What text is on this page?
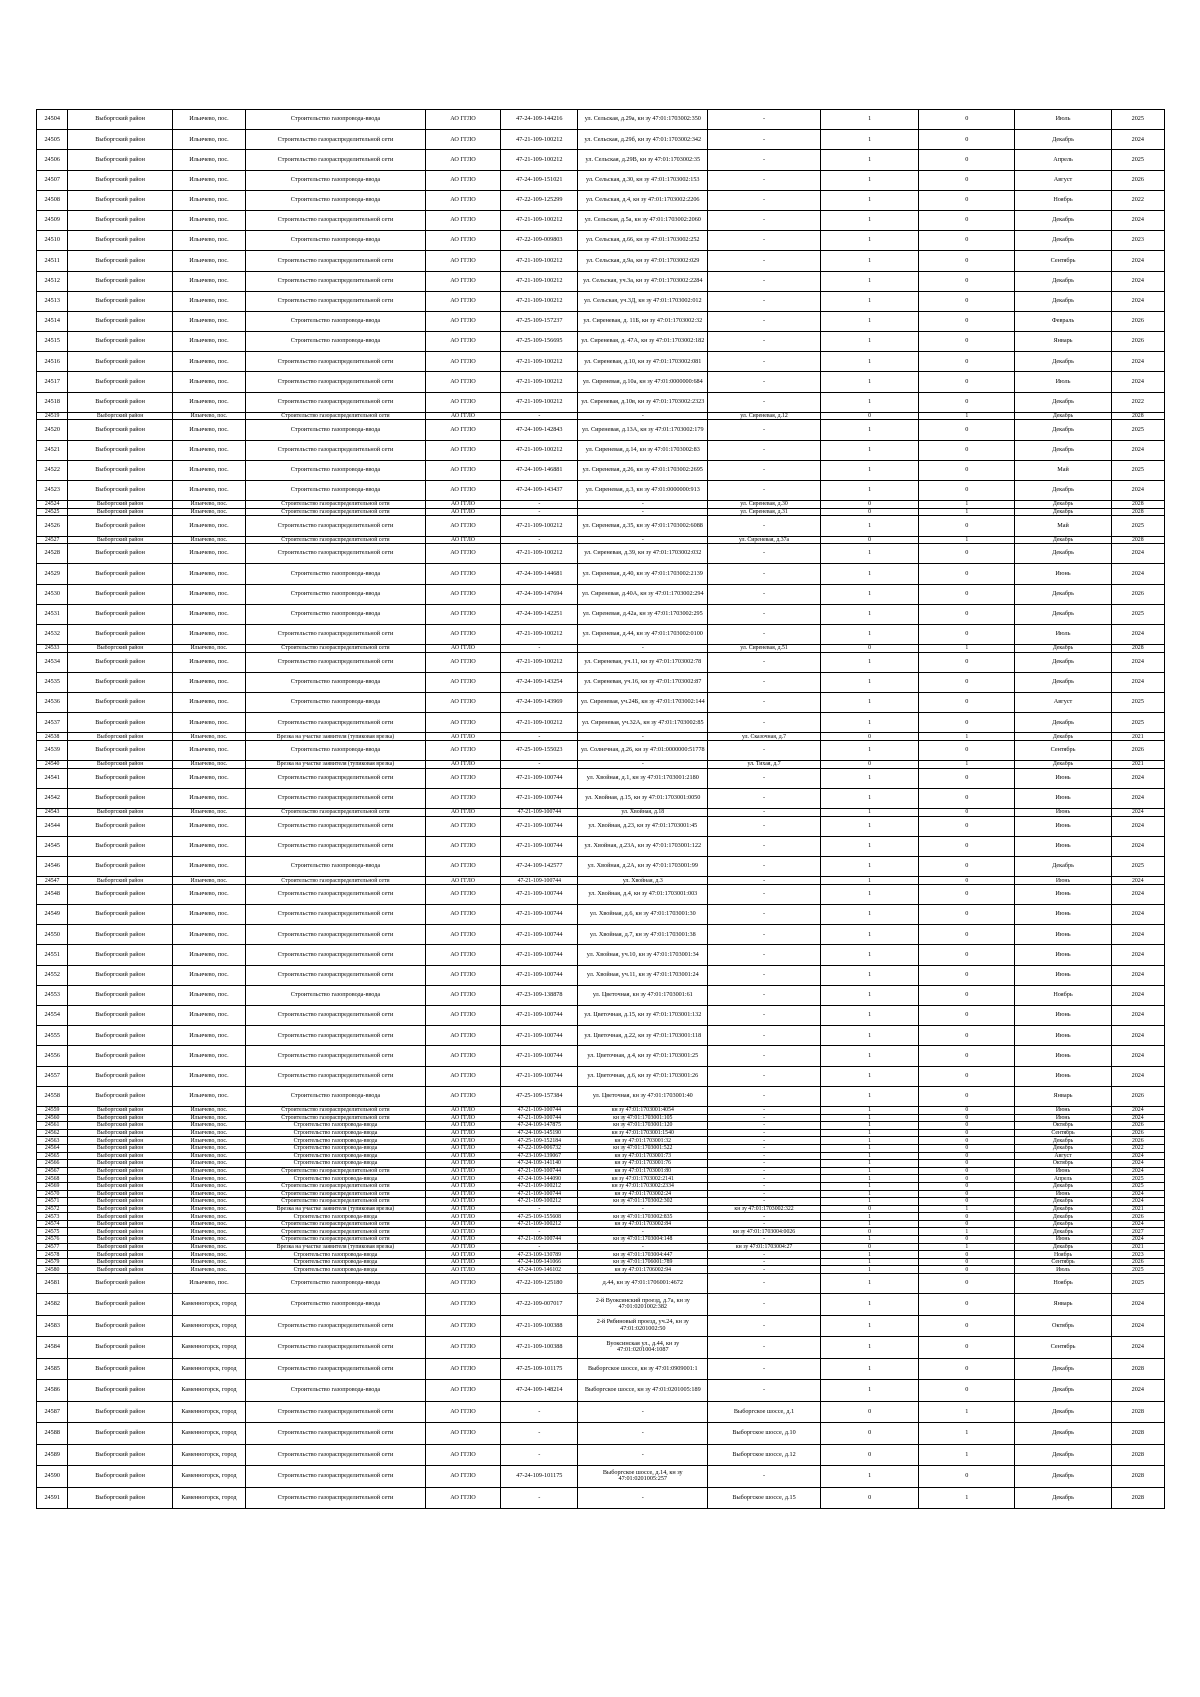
24504	Выборгский район	Ильичево, пос.	Строительство газопровода-ввода	АО ГГЛО	47-24-109-144216	ул. Сельская, д.29а, кн зу 47:01:1703002:350	-	1	0	Июль	2025
24505	Выборгский район	Ильичево, пос.	Строительство газораспределительной сети	АО ГГЛО	47-21-109-100212	ул. Сельская, д.29б, кн зу 47:01:1703002:342	-	1	0	Декабрь	2024
24506	Выборгский район	Ильичево, пос.	Строительство газораспределительной сети	АО ГГЛО	47-21-109-100212	ул. Сельская, д.29В, кн зу 47:01:1703002:35	-	1	0	Апрель	2025
24507	Выборгский район	Ильичево, пос.	Строительство газопровода-ввода	АО ГГЛО	47-24-109-151021	ул. Сельская, д.30, кн зу 47:01:1703002:153	-	1	0	Август	2026
24508	Выборгский район	Ильичево, пос.	Строительство газопровода-ввода	АО ГГЛО	47-22-109-125299	ул. Сельская, д.4, кн зу 47:01:1703002:2206	-	1	0	Ноябрь	2022
24509	Выборгский район	Ильичево, пос.	Строительство газораспределительной сети	АО ГГЛО	47-21-109-100212	ул. Сельская, д.5а, кн зу 47:01:1703002:2060	-	1	0	Декабрь	2024
24510	Выборгский район	Ильичево, пос.	Строительство газопровода-ввода	АО ГГЛО	47-22-109-009803	ул. Сельская, д.66, кн зу 47:01:1703002:252	-	1	0	Декабрь	2023
24511	Выборгский район	Ильичево, пос.	Строительство газораспределительной сети	АО ГГЛО	47-21-109-100212	ул. Сельская, д.9а, кн зу 47:01:1703002:029	-	1	0	Сентябрь	2024
24512	Выборгский район	Ильичево, пос.	Строительство газораспределительной сети	АО ГГЛО	47-21-109-100212	ул. Сельская, уч.3а, кн зу 47:01:1703002:2284	-	1	0	Декабрь	2024
24513	Выборгский район	Ильичево, пос.	Строительство газораспределительной сети	АО ГГЛО	47-21-109-100212	ул. Сельская, уч.3Д, кн зу 47:01:1703002:012	-	1	0	Декабрь	2024
24514	Выборгский район	Ильичево, пос.	Строительство газопровода-ввода	АО ГГЛО	47-25-109-157237	ул. Сиреневая, д. 11Б, кн зу 47:01:1703002:32	-	1	0	Февраль	2026
24515	Выборгский район	Ильичево, пос.	Строительство газопровода-ввода	АО ГГЛО	47-25-109-156695	ул. Сиреневая, д. 47А, кн зу 47:01:1703002:182	-	1	0	Январь	2026
24516	Выборгский район	Ильичево, пос.	Строительство газораспределительной сети	АО ГГЛО	47-21-109-100212	ул. Сиреневая, д.10, кн зу 47:01:1703002:081	-	1	0	Декабрь	2024
24517	Выборгский район	Ильичево, пос.	Строительство газораспределительной сети	АО ГГЛО	47-21-109-100212	ул. Сиреневая, д.10а, кн зу 47:01:0000000:684	-	1	0	Июль	2024
24518	Выборгский район	Ильичево, пос.	Строительство газораспределительной сети	АО ГГЛО	47-21-109-100212	ул. Сиреневая, д.10в, кн зу 47:01:1703002:2323	-	1	0	Декабрь	2022
24519	Выборгский район	Ильичево, пос.	Строительство газораспределительной сети	АО ГГЛО	-	-	ул. Сиреневая, д.12	0	1	Декабрь	2028
24520	Выборгский район	Ильичево, пос.	Строительство газопровода-ввода	АО ГГЛО	47-24-109-142843	ул. Сиреневая, д.13А, кн зу 47:01:1703002:179	-	1	0	Декабрь	2025
24521	Выборгский район	Ильичево, пос.	Строительство газораспределительной сети	АО ГГЛО	47-21-109-100212	ул. Сиреневая, д.14, кн зу 47:01:1703002:83	-	1	0	Декабрь	2024
24522	Выборгский район	Ильичево, пос.	Строительство газопровода-ввода	АО ГГЛО	47-24-109-146881	ул. Сиреневая, д.26, кн зу 47:01:1703002:2695	-	1	0	Май	2025
24523	Выборгский район	Ильичево, пос.	Строительство газопровода-ввода	АО ГГЛО	47-24-109-143437	ул. Сиреневая, д.3, кн зу 47:01:0000000:913	-	1	0	Декабрь	2024
24524	Выборгский район	Ильичево, пос.	Строительство газораспределительной сети	АО ГГЛО	-	-	ул. Сиреневая, д.30	0	1	Декабрь	2028
24525	Выборгский район	Ильичево, пос.	Строительство газораспределительной сети	АО ГГЛО	-	-	ул. Сиреневая, д.31	0	1	Декабрь	2028
24526	Выборгский район	Ильичево, пос.	Строительство газораспределительной сети	АО ГГЛО	47-21-109-100212	ул. Сиреневая, д.35, кн зу 47:01:1703002:6088	-	1	0	Май	2025
24527	Выборгский район	Ильичево, пос.	Строительство газораспределительной сети	АО ГГЛО	-	-	ул. Сиреневая, д.37а	0	1	Декабрь	2028
24528	Выборгский район	Ильичево, пос.	Строительство газораспределительной сети	АО ГГЛО	47-21-109-100212	ул. Сиреневая, д.39, кн зу 47:01:1703002:032	-	1	0	Декабрь	2024
24529	Выборгский район	Ильичево, пос.	Строительство газопровода-ввода	АО ГГЛО	47-24-109-144681	ул. Сиреневая, д.40, кн зу 47:01:1703002:2139	-	1	0	Июнь	2024
24530	Выборгский район	Ильичево, пос.	Строительство газопровода-ввода	АО ГГЛО	47-24-109-147694	ул. Сиреневая, д.40А, кн зу 47:01:1703002:294	-	1	0	Декабрь	2026
24531	Выборгский район	Ильичево, пос.	Строительство газопровода-ввода	АО ГГЛО	47-24-109-142251	ул. Сиреневая, д.42а, кн зу 47:01:1703002:295	-	1	0	Декабрь	2025
24532	Выборгский район	Ильичево, пос.	Строительство газораспределительной сети	АО ГГЛО	47-21-109-100212	ул. Сиреневая, д.44, кн зу 47:01:1703002:0100	-	1	0	Июль	2024
24533	Выборгский район	Ильичево, пос.	Строительство газораспределительной сети	АО ГГЛО	-	-	ул. Сиреневая, д.51	0	1	Декабрь	2028
24534	Выборгский район	Ильичево, пос.	Строительство газораспределительной сети	АО ГГЛО	47-21-109-100212	ул. Сиреневая, уч.11, кн зу 47:01:1703002:78	-	1	0	Декабрь	2024
24535	Выборгский район	Ильичево, пос.	Строительство газопровода-ввода	АО ГГЛО	47-24-109-143254	ул. Сиреневая, уч.16, кн зу 47:01:1703002:87	-	1	0	Декабрь	2024
24536	Выборгский район	Ильичево, пос.	Строительство газопровода-ввода	АО ГГЛО	47-24-109-143969	ул. Сиреневая, уч.24Б, кн зу 47:01:1703002:144	-	1	0	Август	2025
24537	Выборгский район	Ильичево, пос.	Строительство газораспределительной сети	АО ГГЛО	47-21-109-100212	ул. Сиреневая, уч.32А, кн зу 47:01:1703002:85	-	1	0	Декабрь	2025
24538	Выборгский район	Ильичево, пос.	Врезка на участке заявителя (тупиковая врезка)	АО ГГЛО	-	-	ул. Сказочная, д.7	0	1	Декабрь	2021
24539	Выборгский район	Ильичево, пос.	Строительство газопровода-ввода	АО ГГЛО	47-25-109-155023	ул. Солнечная, д.26, кн зу 47:01:0000000:51778	-	1	0	Сентябрь	2026
24540	Выборгский район	Ильичево, пос.	Врезка на участке заявителя (тупиковая врезка)	АО ГГЛО	-	-	ул. Тихая, д.7	0	1	Декабрь	2021
24541	Выборгский район	Ильичево, пос.	Строительство газораспределительной сети	АО ГГЛО	47-21-109-100744	ул. Хвойная, д.1, кн зу 47:01:1703001:2180	-	1	0	Июнь	2024
24542	Выборгский район	Ильичево, пос.	Строительство газораспределительной сети	АО ГГЛО	47-21-109-100744	ул. Хвойная, д.15, кн зу 47:01:1703001:0050	-	1	0	Июнь	2024
24543	Выборгский район	Ильичево, пос.	Строительство газораспределительной сети	АО ГГЛО	47-21-109-100744	ул. Хвойная, д.18	-	1	0	Июнь	2024
24544	Выборгский район	Ильичево, пос.	Строительство газораспределительной сети	АО ГГЛО	47-21-109-100744	ул. Хвойная, д.23, кн зу 47:01:1703001:45	-	1	0	Июнь	2024
24545	Выборгский район	Ильичево, пос.	Строительство газораспределительной сети	АО ГГЛО	47-21-109-100744	ул. Хвойная, д.23А, кн зу 47:01:1703001:122	-	1	0	Июнь	2024
24546	Выборгский район	Ильичево, пос.	Строительство газопровода-ввода	АО ГГЛО	47-24-109-142577	ул. Хвойная, д.2А, кн зу 47:01:1703001:99	-	1	0	Декабрь	2025
24547	Выборгский район	Ильичево, пос.	Строительство газораспределительной сети	АО ГГЛО	47-21-109-100744	ул. Хвойная, д.3	-	1	0	Июнь	2024
24548	Выборгский район	Ильичево, пос.	Строительство газораспределительной сети	АО ГГЛО	47-21-109-100744	ул. Хвойная, д.4, кн зу 47:01:1703001:003	-	1	0	Июнь	2024
24549	Выборгский район	Ильичево, пос.	Строительство газораспределительной сети	АО ГГЛО	47-21-109-100744	ул. Хвойная, д.6, кн зу 47:01:1703001:30	-	1	0	Июнь	2024
24550	Выборгский район	Ильичево, пос.	Строительство газораспределительной сети	АО ГГЛО	47-21-109-100744	ул. Хвойная, д.7, кн зу 47:01:1703001:38	-	1	0	Июнь	2024
24551	Выборгский район	Ильичево, пос.	Строительство газораспределительной сети	АО ГГЛО	47-21-109-100744	ул. Хвойная, уч.10, кн зу 47:01:1703001:34	-	1	0	Июнь	2024
24552	Выборгский район	Ильичево, пос.	Строительство газораспределительной сети	АО ГГЛО	47-21-109-100744	ул. Хвойная, уч.11, кн зу 47:01:1703001:24	-	1	0	Июнь	2024
24553	Выборгский район	Ильичево, пос.	Строительство газопровода-ввода	АО ГГЛО	47-23-109-138878	ул. Цветочная, кн зу 47:01:1703001:61	-	1	0	Ноябрь	2024
24554	Выборгский район	Ильичево, пос.	Строительство газораспределительной сети	АО ГГЛО	47-21-109-100744	ул. Цветочная, д.15, кн зу 47:01:1703001:132	-	1	0	Июнь	2024
24555	Выборгский район	Ильичево, пос.	Строительство газораспределительной сети	АО ГГЛО	47-21-109-100744	ул. Цветочная, д.22, кн зу 47:01:1703001:118	-	1	0	Июнь	2024
24556	Выборгский район	Ильичево, пос.	Строительство газораспределительной сети	АО ГГЛО	47-21-109-100744	ул. Цветочная, д.4, кн зу 47:01:1703001:25	-	1	0	Июнь	2024
24557	Выборгский район	Ильичево, пос.	Строительство газораспределительной сети	АО ГГЛО	47-21-109-100744	ул. Цветочная, д.6, кн зу 47:01:1703001:26	-	1	0	Июнь	2024
24558	Выборгский район	Ильичево, пос.	Строительство газопровода-ввода	АО ГГЛО	47-25-109-157384	ул. Цветочная, кн зу 47:01:1703001:40	-	1	0	Январь	2026
24559	Выборгский район	Ильичево, пос.	Строительство газораспределительной сети	АО ГГЛО	47-21-109-100744	кн зу 47:01:1703001:4054	-	1	0	Июнь	2024
24560	Выборгский район	Ильичево, пос.	Строительство газораспределительной сети	АО ГГЛО	47-21-109-100744	кн зу 47:01:1703001:105	-	1	0	Июнь	2024
24561	Выборгский район	Ильичево, пос.	Строительство газопровода-ввода	АО ГГЛО	47-24-109-147875	кн зу 47:01:1703001:120	-	1	0	Октябрь	2026
24562	Выборгский район	Ильичево, пос.	Строительство газопровода-ввода	АО ГГЛО	47-24-109-145190	кн зу 47:01:1703001:1540	-	1	0	Сентябрь	2026
24563	Выборгский район	Ильичево, пос.	Строительство газопровода-ввода	АО ГГЛО	47-25-109-152184	кн зу 47:01:1703001:32	-	1	0	Декабрь	2026
24564	Выборгский район	Ильичево, пос.	Строительство газопровода-ввода	АО ГГЛО	47-22-109-006732	кн зу 47:01:1703001:522	-	1	0	Декабрь	2022
24565	Выборгский район	Ильичево, пос.	Строительство газопровода-ввода	АО ГГЛО	47-23-109-139067	кн зу 47:01:1703001:73	-	1	0	Август	2024
24566	Выборгский район	Ильичево, пос.	Строительство газопровода-ввода	АО ГГЛО	47-24-109-141140	кн зу 47:01:1703001:76	-	1	0	Октябрь	2024
24567	Выборгский район	Ильичево, пос.	Строительство газораспределительной сети	АО ГГЛО	47-21-109-100744	кн зу 47:01:1703001:80	-	1	0	Июнь	2024
24568	Выборгский район	Ильичево, пос.	Строительство газопровода-ввода	АО ГГЛО	47-24-109-144090	кн зу 47:01:1703002:2141	-	1	0	Апрель	2025
24569	Выборгский район	Ильичево, пос.	Строительство газораспределительной сети	АО ГГЛО	47-21-109-100212	кн зу 47:01:1703002:2334	-	1	0	Декабрь	2025
24570	Выборгский район	Ильичево, пос.	Строительство газораспределительной сети	АО ГГЛО	47-21-109-100744	кн зу 47:01:1703002:24	-	1	0	Июнь	2024
24571	Выборгский район	Ильичево, пос.	Строительство газораспределительной сети	АО ГГЛО	47-21-109-100212	кн зу 47:01:1703002:302	-	1	0	Декабрь	2024
24572	Выборгский район	Ильичево, пос.	Врезка на участке заявителя (тупиковая врезка)	АО ГГЛО	-	-	кн зу 47:01:1703002:322	0	1	Декабрь	2021
24573	Выборгский район	Ильичево, пос.	Строительство газопровода-ввода	АО ГГЛО	47-25-109-155608	кн зу 47:01:1703002:835	-	1	0	Декабрь	2026
24574	Выборгский район	Ильичево, пос.	Строительство газораспределительной сети	АО ГГЛО	47-21-109-100212	кн зу 47:01:1703002:84	-	1	0	Декабрь	2024
24575	Выборгский район	Ильичево, пос.	Строительство газораспределительной сети	АО ГГЛО	-	-	кн зу 47:01:1703004:0026	0	1	Декабрь	2027
24576	Выборгский район	Ильичево, пос.	Строительство газораспределительной сети	АО ГГЛО	47-21-109-100744	кн зу 47:01:1703004:148	-	1	0	Июнь	2024
24577	Выборгский район	Ильичево, пос.	Врезка на участке заявителя (тупиковая врезка)	АО ГГЛО	-	-	кн зу 47:01:1703004:27	0	1	Декабрь	2021
24578	Выборгский район	Ильичево, пос.	Строительство газопровода-ввода	АО ГГЛО	47-23-109-130789	кн зу 47:01:1703004:447	-	1	0	Ноябрь	2023
24579	Выборгский район	Ильичево, пос.	Строительство газопровода-ввода	АО ГГЛО	47-24-109-141066	кн зу 47:01:1706001:789	-	1	0	Сентябрь	2026
24580	Выборгский район	Ильичево, пос.	Строительство газопровода-ввода	АО ГГЛО	47-24-109-146102	кн зу 47:01:1706002:94	-	1	0	Июль	2025
24581	Выборгский район	Ильичево, пос.	Строительство газопровода-ввода	АО ГГЛО	47-22-109-125180	д.44, кн зу 47:01:1706001:4672	-	1	0	Ноябрь	2025
24582	Выборгский район	Каменногорск, город	Строительство газопровода-ввода	АО ГГЛО	47-22-109-007017	2-й Вуоксинский проезд, д.7а, кн зу 47:01:0201002:382	-	1	0	Январь	2024
24583	Выборгский район	Каменногорск, город	Строительство газораспределительной сети	АО ГГЛО	47-21-109-100388	2-й Рябиновый проезд, уч.24, кн зу 47:01:0201002:50	-	1	0	Октябрь	2024
24584	Выборгский район	Каменногорск, город	Строительство газораспределительной сети	АО ГГЛО	47-21-109-100388	Вуоксинская ул., д.44, кн зу 47:01:0201004:1087	-	1	0	Сентябрь	2024
24585	Выборгский район	Каменногорск, город	Строительство газораспределительной сети	АО ГГЛО	47-25-109-101175	Выборгское шоссе, кн зу 47:01:0909001:1	-	1	0	Декабрь	2028
24586	Выборгский район	Каменногорск, город	Строительство газопровода-ввода	АО ГГЛО	47-24-109-148214	Выборгское шоссе, кн зу 47:01:0201005:189	-	1	0	Декабрь	2024
24587	Выборгский район	Каменногорск, город	Строительство газораспределительной сети	АО ГГЛО	-	-	Выборгское шоссе, д.1	0	1	Декабрь	2028
24588	Выборгский район	Каменногорск, город	Строительство газораспределительной сети	АО ГГЛО	-	-	Выборгское шоссе, д.10	0	1	Декабрь	2028
24589	Выборгский район	Каменногорск, город	Строительство газораспределительной сети	АО ГГЛО	-	-	Выборгское шоссе, д.12	0	1	Декабрь	2028
24590	Выборгский район	Каменногорск, город	Строительство газораспределительной сети	АО ГГЛО	47-24-109-101175	Выборгское шоссе, д.14, кн зу 47:01:0201005:257	-	1	0	Декабрь	2028
24591	Выборгский район	Каменногорск, город	Строительство газораспределительной сети	АО ГГЛО	-	-	Выборгское шоссе, д.15	0	1	Декабрь	2028
